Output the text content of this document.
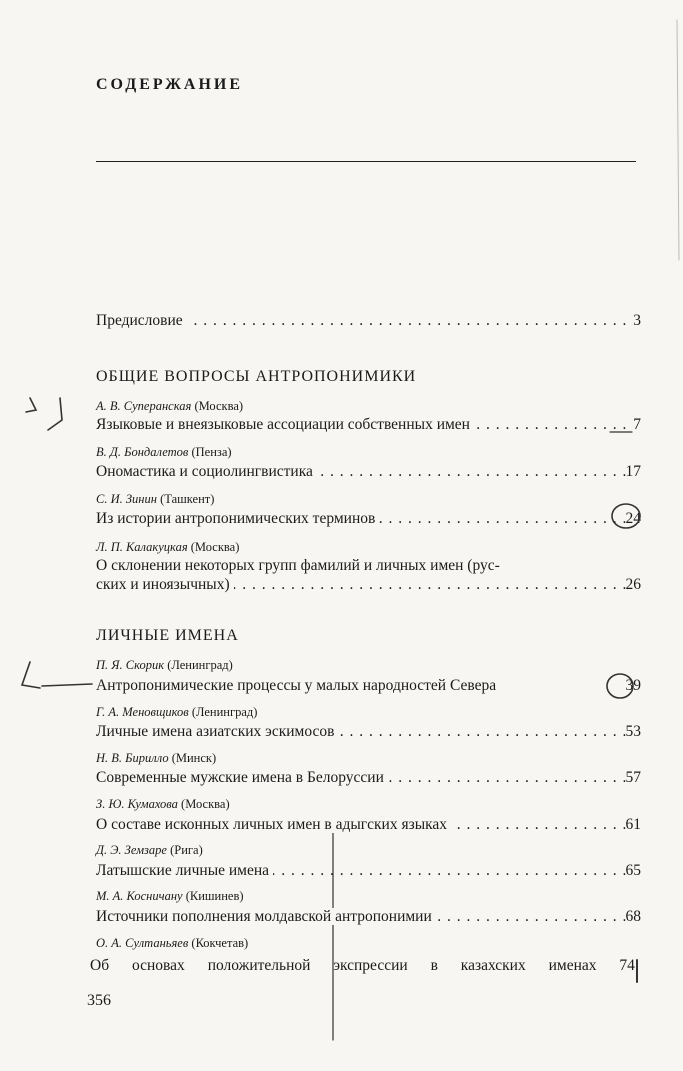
СОДЕРЖАНИЕ
Предисловие . . .	3
ОБЩИЕ ВОПРОСЫ АНТРОПОНИМИКИ
А. В. Суперанская (Москва)
Языковые и внеязыковые ассоциации собственных имен . . .	7
В. Д. Бондалетов (Пенза)
Ономастика и социолингвистика . . .	17
С. И. Зинин (Ташкент)
Из истории антропонимических терминов . . .	24
Л. П. Калакуцкая (Москва)
О склонении некоторых групп фамилий и личных имен (рус-
ских и иноязычных) . . .	26
ЛИЧНЫЕ ИМЕНА
П. Я. Скорик (Ленинград)
Антропонимические процессы у малых народностей Севера	39
Г. А. Меновщиков (Ленинград)
Личные имена азиатских эскимосов . . .	53
Н. В. Бирилло (Минск)
Современные мужские имена в Белоруссии . . .	57
З. Ю. Кумахова (Москва)
О составе исконных личных имен в адыгских языках . . .	61
Д. Э. Земзаре (Рига)
Латышские личные имена . . .	65
М. А. Косничану (Кишинев)
Источники пополнения молдавской антропонимии . . .	68
О. А. Султаньяев (Кокчетав)
Об основах положительной экспрессии в казахских именах 74
356
